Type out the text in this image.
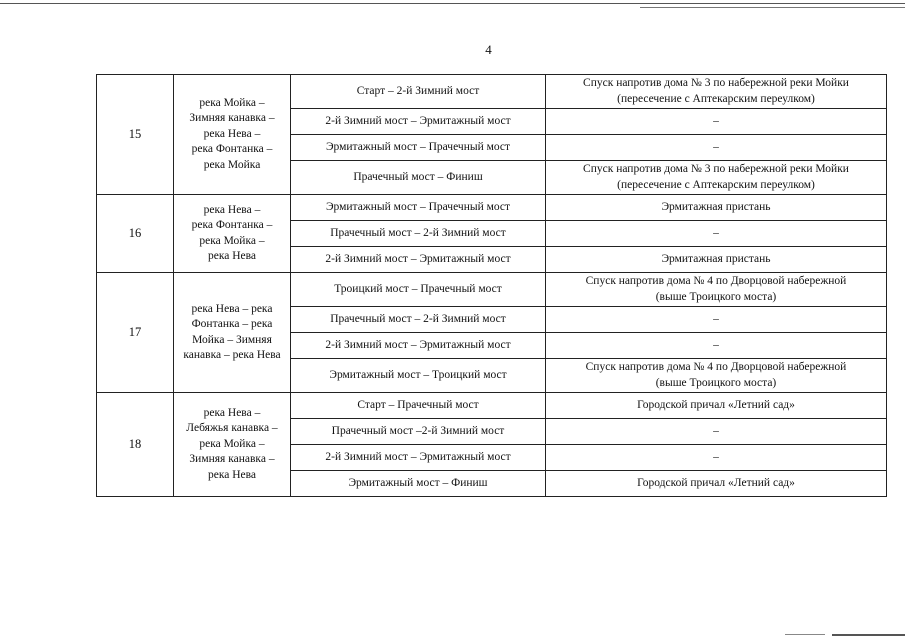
4
15	река Мойка –
Зимняя канавка –
река Нева –
река Фонтанка –
река Мойка	Старт – 2-й Зимний мост	Спуск напротив дома № 3 по набережной реки Мойки
(пересечение с Аптекарским переулком)

		2-й Зимний мост – Эрмитажный мост	–

		Эрмитажный мост – Прачечный мост	–

		Прачечный мост – Финиш	Спуск напротив дома № 3 по набережной реки Мойки
(пересечение с Аптекарским переулком)

16	река Нева –
река Фонтанка –
река Мойка –
река Нева	Эрмитажный мост – Прачечный мост	Эрмитажная пристань

		Прачечный мост – 2-й Зимний мост	–

		2-й Зимний мост – Эрмитажный мост	Эрмитажная пристань

17	река Нева – река
Фонтанка – река
Мойка – Зимняя
канавка – река Нева	Троицкий мост – Прачечный мост	Спуск напротив дома № 4 по Дворцовой набережной
(выше Троицкого моста)

		Прачечный мост – 2-й Зимний мост	–

		2-й Зимний мост – Эрмитажный мост	–

		Эрмитажный мост – Троицкий мост	Спуск напротив дома № 4 по Дворцовой набережной
(выше Троицкого моста)

18	река Нева –
Лебяжья канавка –
река Мойка –
Зимняя канавка –
река Нева	Старт – Прачечный мост	Городской причал «Летний сад»

		Прачечный мост –2-й Зимний мост	–

		2-й Зимний мост – Эрмитажный мост	–

		Эрмитажный мост – Финиш	Городской причал «Летний сад»
